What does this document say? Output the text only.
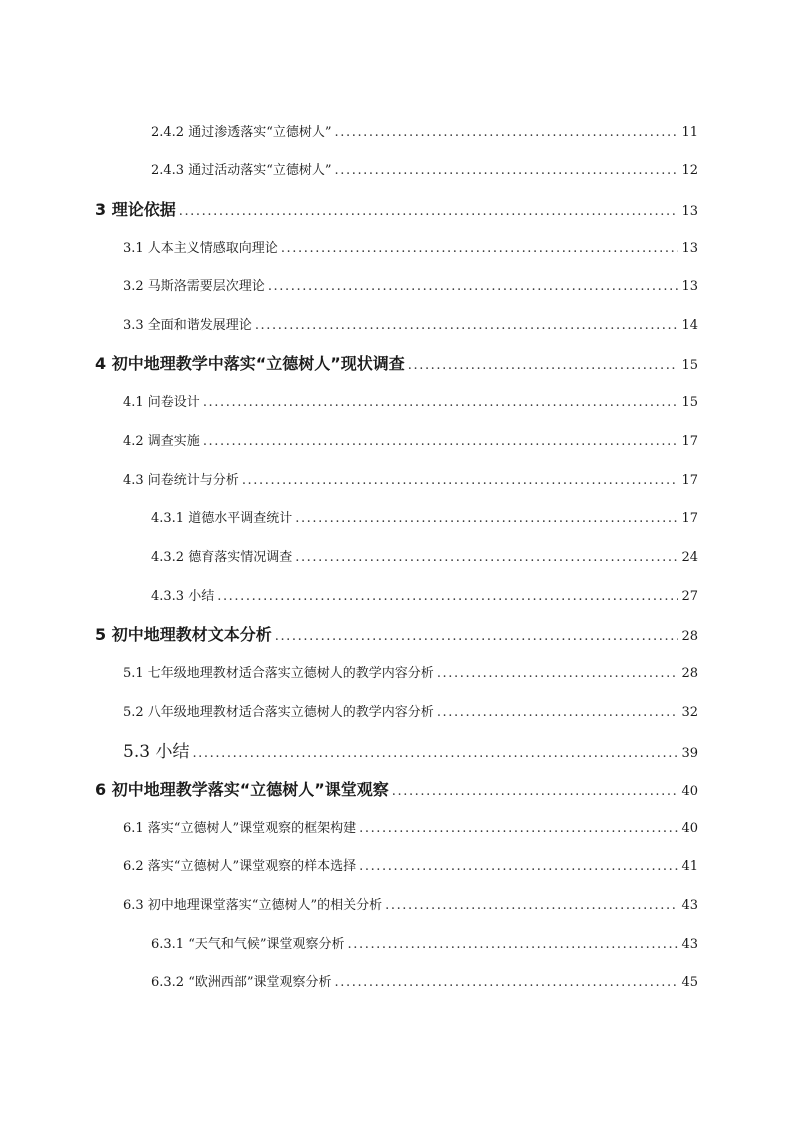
2.4.2 通过渗透落实“立德树人” .....	11
2.4.3 通过活动落实“立德树人” .....	12
3 理论依据 .....	13
3.1 人本主义情感取向理论 .....	13
3.2 马斯洛需要层次理论 .....	13
3.3 全面和谐发展理论 .....	14
4 初中地理教学中落实“立德树人”现状调查 .....	15
4.1 问卷设计 .....	15
4.2 调查实施 .....	17
4.3 问卷统计与分析 .....	17
4.3.1 道德水平调查统计 .....	17
4.3.2 德育落实情况调查 .....	24
4.3.3 小结 .....	27
5 初中地理教材文本分析 .....	28
5.1 七年级地理教材适合落实立德树人的教学内容分析 .....	28
5.2 八年级地理教材适合落实立德树人的教学内容分析 .....	32
5.3 小结 .....	39
6 初中地理教学落实“立德树人”课堂观察 .....	40
6.1 落实“立德树人”课堂观察的框架构建 .....	40
6.2 落实“立德树人”课堂观察的样本选择 .....	41
6.3 初中地理课堂落实“立德树人”的相关分析 .....	43
6.3.1 “天气和气候”课堂观察分析 .....	43
6.3.2 “欧洲西部”课堂观察分析 .....	45
